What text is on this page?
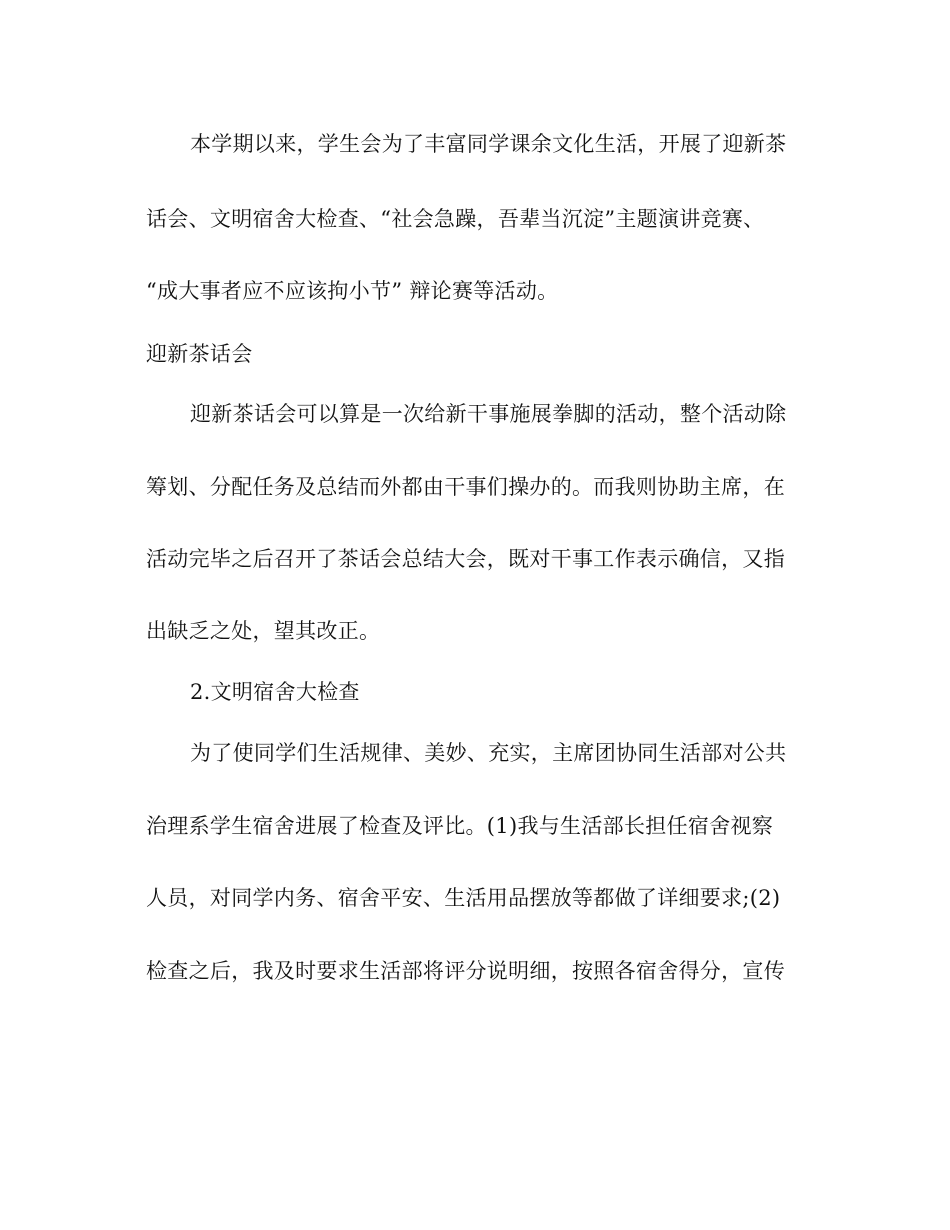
本学期以来，学生会为了丰富同学课余文化生活，开展了迎新茶
话会、文明宿舍大检查、“社会急躁，吾辈当沉淀”主题演讲竞赛、
“成大事者应不应该拘小节” 辩论赛等活动。
迎新茶话会
迎新茶话会可以算是一次给新干事施展拳脚的活动，整个活动除
筹划、分配任务及总结而外都由干事们操办的。而我则协助主席，在
活动完毕之后召开了茶话会总结大会，既对干事工作表示确信，又指
出缺乏之处，望其改正。
2.文明宿舍大检查
为了使同学们生活规律、美妙、充实，主席团协同生活部对公共
治理系学生宿舍进展了检查及评比。(1)我与生活部长担任宿舍视察
人员，对同学内务、宿舍平安、生活用品摆放等都做了详细要求;(2)
检查之后，我及时要求生活部将评分说明细，按照各宿舍得分，宣传
